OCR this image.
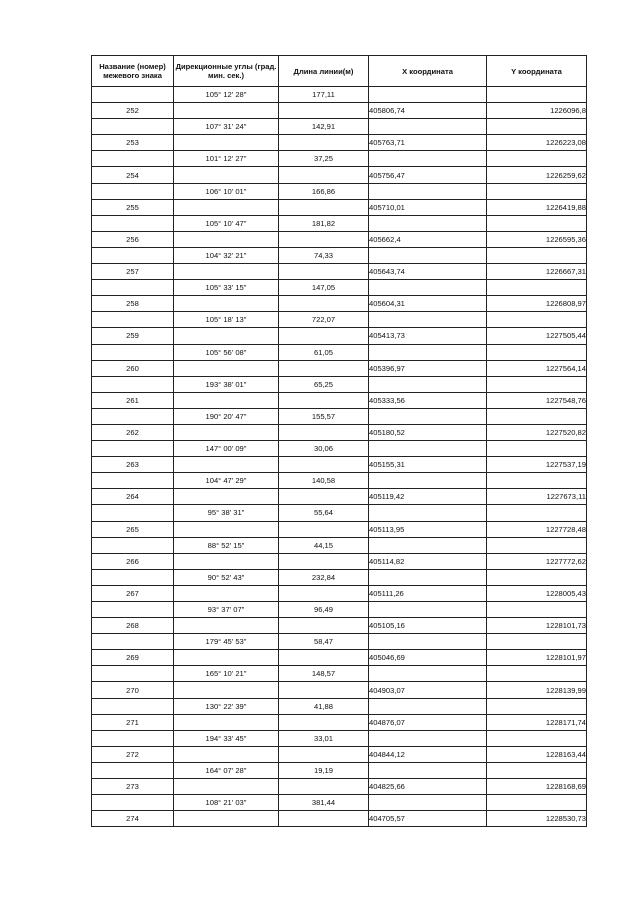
Название (номер) межевого знака	Дирекционные углы (град. мин. сек.)	Длина линии(м)	X координата	Y координата
	105° 12' 28"	177,11		
252			405806,74	1226096,8
	107° 31' 24"	142,91		
253			405763,71	1226223,08
	101° 12' 27"	37,25		
254			405756,47	1226259,62
	106° 10' 01"	166,86		
255			405710,01	1226419,88
	105° 10' 47"	181,82		
256			405662,4	1226595,36
	104° 32' 21"	74,33		
257			405643,74	1226667,31
	105° 33' 15"	147,05		
258			405604,31	1226808,97
	105° 18' 13"	722,07		
259			405413,73	1227505,44
	105° 56' 08"	61,05		
260			405396,97	1227564,14
	193° 38' 01"	65,25		
261			405333,56	1227548,76
	190° 20' 47"	155,57		
262			405180,52	1227520,82
	147° 00' 09"	30,06		
263			405155,31	1227537,19
	104° 47' 29"	140,58		
264			405119,42	1227673,11
	95° 38' 31"	55,64		
265			405113,95	1227728,48
	88° 52' 15"	44,15		
266			405114,82	1227772,62
	90° 52' 43"	232,84		
267			405111,26	1228005,43
	93° 37' 07"	96,49		
268			405105,16	1228101,73
	179° 45' 53"	58,47		
269			405046,69	1228101,97
	165° 10' 21"	148,57		
270			404903,07	1228139,99
	130° 22' 39"	41,88		
271			404876,07	1228171,74
	194° 33' 45"	33,01		
272			404844,12	1228163,44
	164° 07' 28"	19,19		
273			404825,66	1228168,69
	108° 21' 03"	381,44		
274			404705,57	1228530,73
